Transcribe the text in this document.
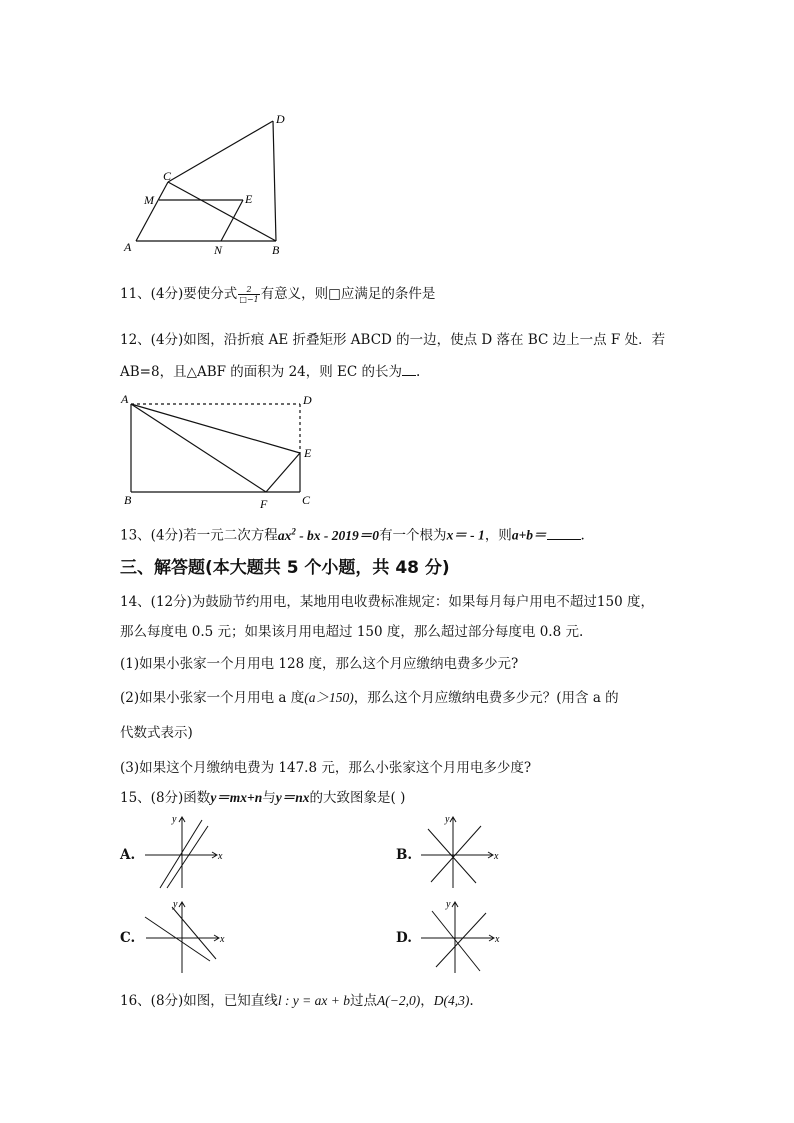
D
C
M	E
A	N	B
11、(4分)要使分式 $\frac{2}{□-1}$ 有意义，则□应满足的条件是
12、(4分)如图，沿折痕 AE 折叠矩形 ABCD 的一边，使点 D 落在 BC 边上一点 F 处．若
AB=8，且△ABF 的面积为 24，则 EC 的长为 .
A	D
E
B	F	C
13、(4分)若一元二次方程$ax^2$ - bx - 2019＝0有一个根为x＝ - 1，则a+b＝	.
三、解答题(本大题共 5 个小题，共 48 分)
14、(12分)为鼓励节约用电，某地用电收费标准规定：如果每月每户用电不超过150 度，
那么每度电 0.5 元；如果该月用电超过 150 度，那么超过部分每度电 0.8 元.
(1)如果小张家一个月用电 128 度，那么这个月应缴纳电费多少元?
(2)如果小张家一个月用电 a 度(a＞150)，那么这个月应缴纳电费多少元？(用含 a 的
代数式表示)
(3)如果这个月缴纳电费为 147.8 元，那么小张家这个月用电多少度?
15、(8分)函数y＝mx+n与y＝nx的大致图象是( )
A.	x
y
B.	x
y
C.	x
y
D.	x
y
16、(8分)如图，已知直线l : y = ax + b过点A(−2,0)，D(4,3).
